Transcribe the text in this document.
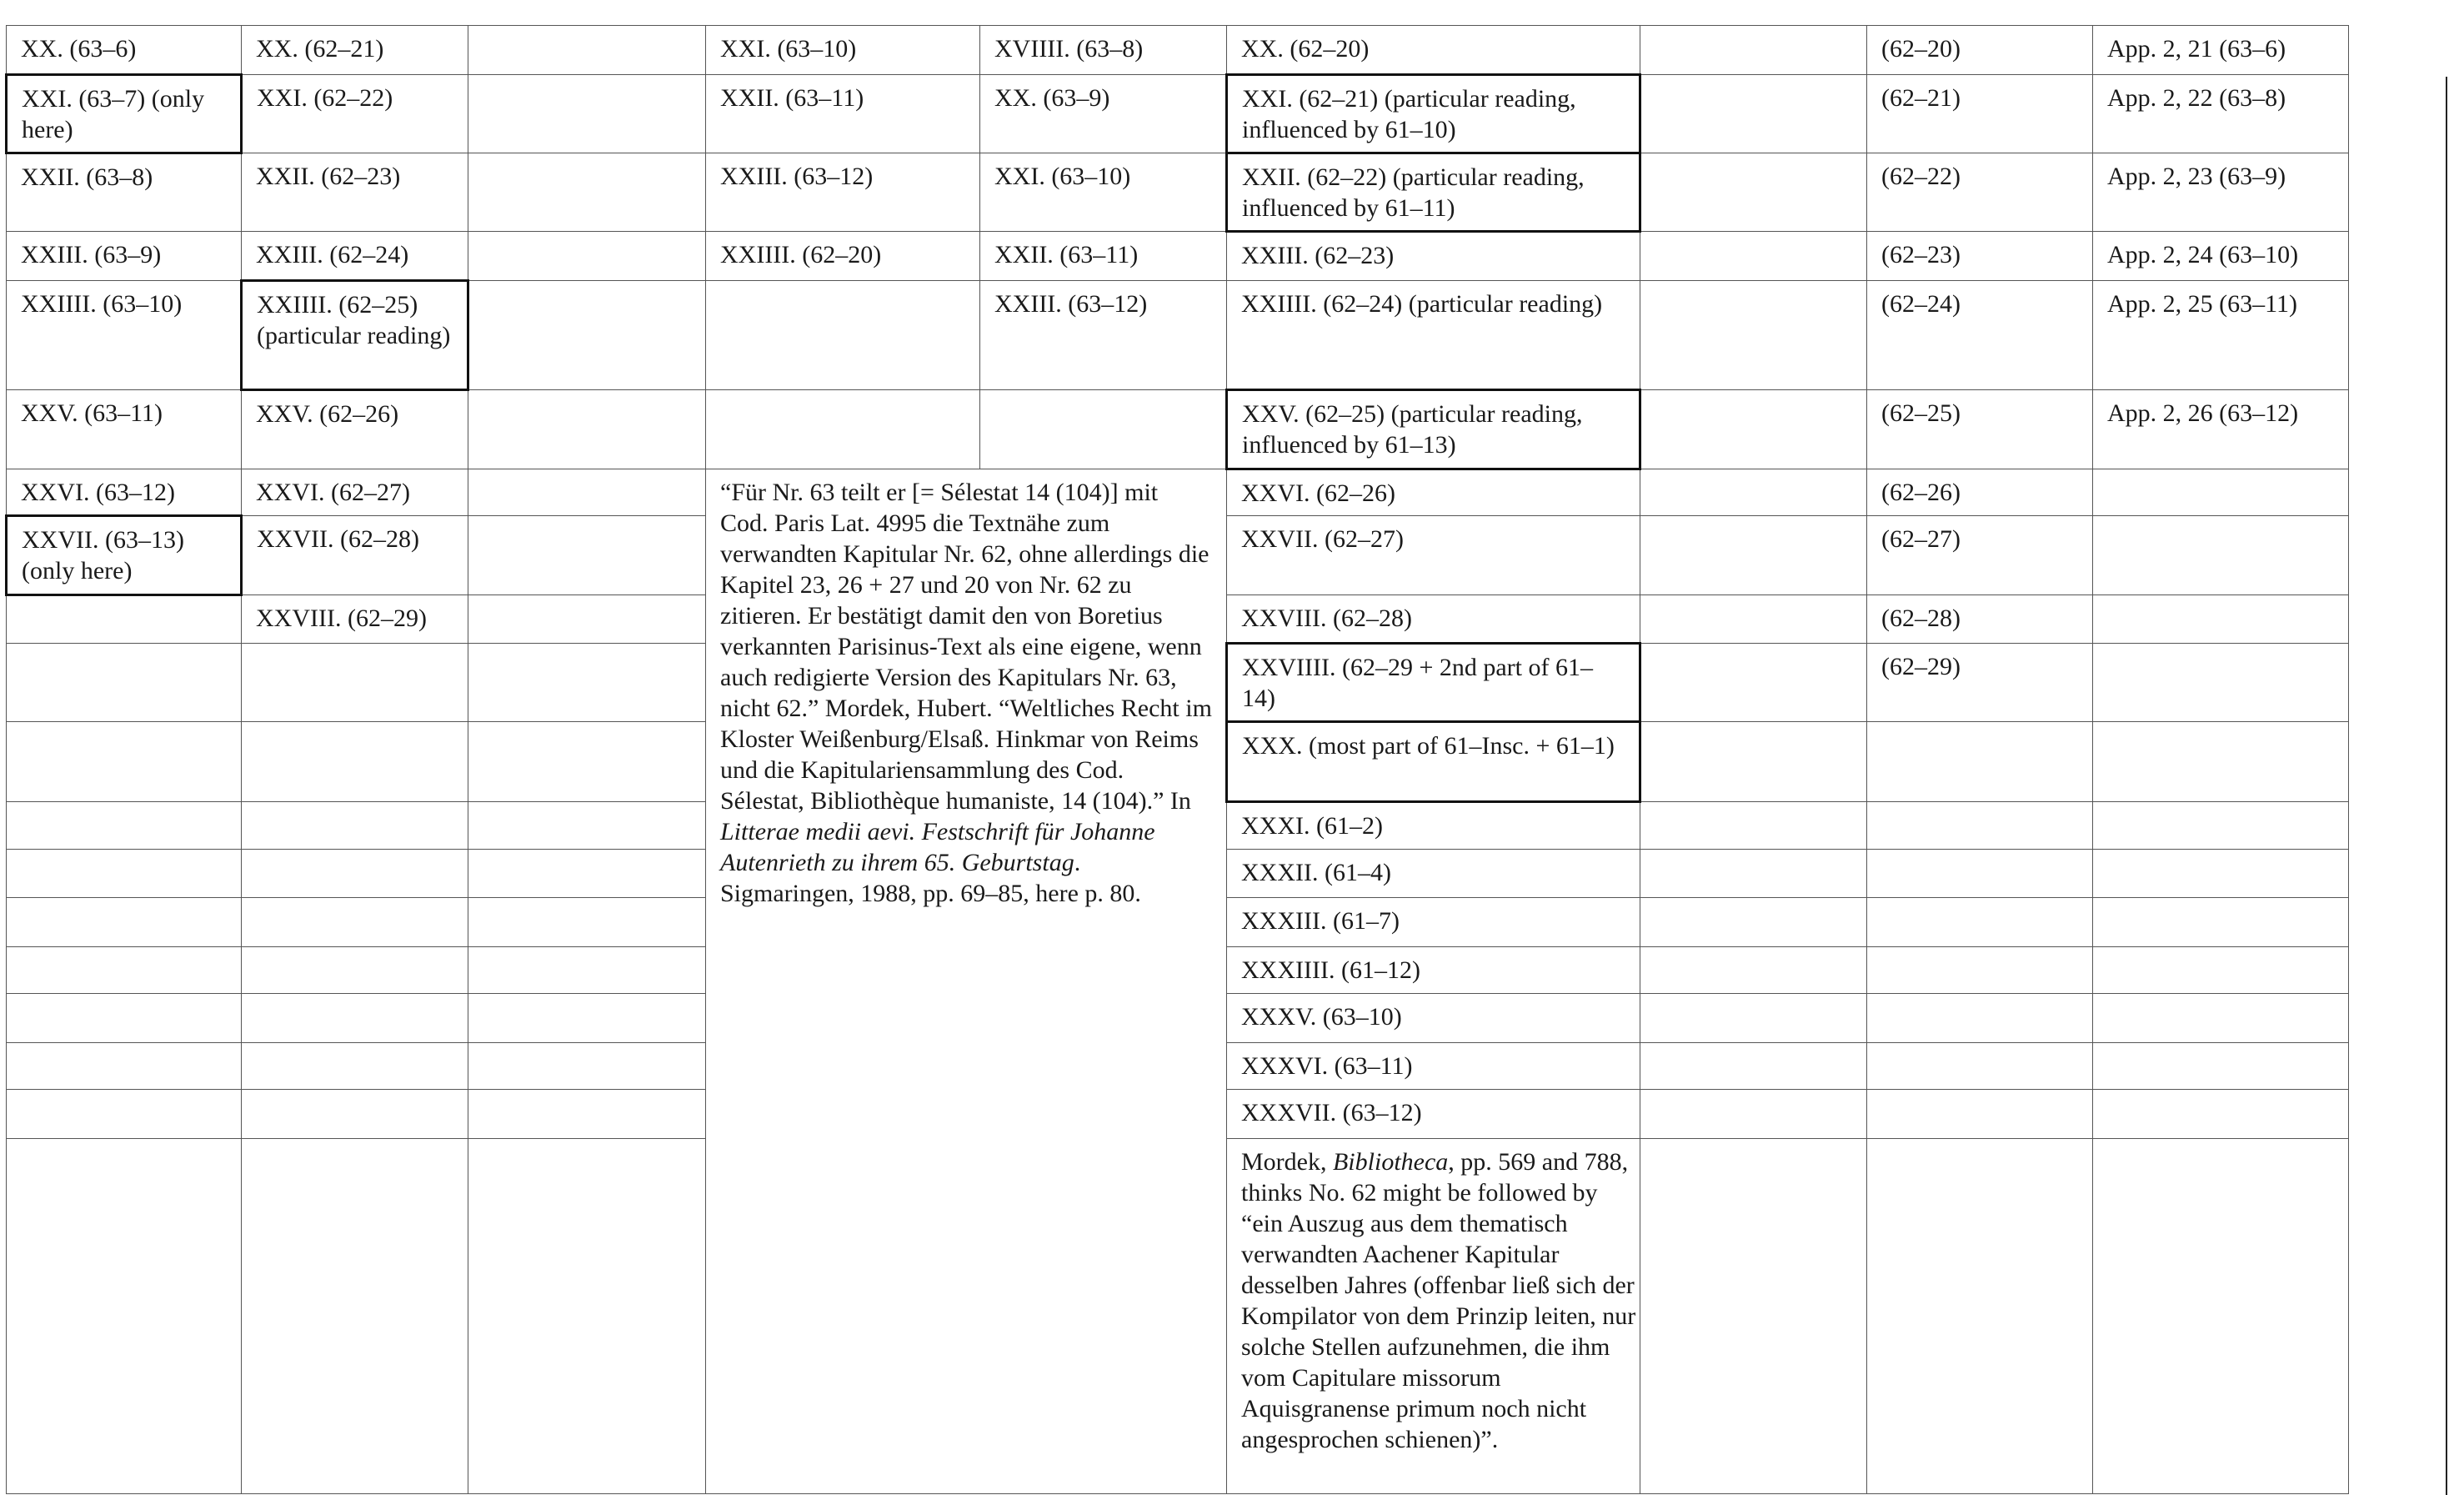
XX. (63–6)	XX. (62–21)		XXI. (63–10)	XVIIII. (63–8)	XX. (62–20)		(62–20)	App. 2, 21 (63–6)
XXI. (63–7) (only here)	XXI. (62–22)		XXII. (63–11)	XX. (63–9)	XXI. (62–21) (particular reading, influenced by 61–10)		(62–21)	App. 2, 22 (63–8)
XXII. (63–8)	XXII. (62–23)		XXIII. (63–12)	XXI. (63–10)	XXII. (62–22) (particular reading, influenced by 61–11)		(62–22)	App. 2, 23 (63–9)
XXIII. (63–9)	XXIII. (62–24)		XXIIII. (62–20)	XXII. (63–11)	XXIII. (62–23)		(62–23)	App. 2, 24 (63–10)
XXIIII. (63–10)	XXIIII. (62–25) (particular reading)			XXIII. (63–12)	XXIIII. (62–24) (particular reading)		(62–24)	App. 2, 25 (63–11)
XXV. (63–11)	XXV. (62–26)				XXV. (62–25) (particular reading, influenced by 61–13)		(62–25)	App. 2, 26 (63–12)
XXVI. (63–12)	XXVI. (62–27)		“Für Nr. 63 teilt er [= Sélestat 14 (104)] mit Cod. Paris Lat. 4995 die Textnähe zum verwandten Kapitular Nr. 62, ohne allerdings die Kapitel 23, 26 + 27 und 20 von Nr. 62 zu zitieren. Er bestätigt damit den von Boretius verkannten Parisinus-Text als eine eigene, wenn auch redigierte Version des Kapitulars Nr. 63, nicht 62.” Mordek, Hubert. “Weltliches Recht im Kloster Weißenburg/Elsaß. Hinkmar von Reims und die Kapitulariensammlung des Cod. Sélestat, Bibliothèque humaniste, 14 (104).” In Litterae medii aevi. Festschrift für Johanne Autenrieth zu ihrem 65. Geburtstag. Sigmaringen, 1988, pp. 69–85, here p. 80.		XXVI. (62–26)		(62–26)	
XXVII. (63–13) (only here)	XXVII. (62–28)				XXVII. (62–27)		(62–27)	
	XXVIII. (62–29)				XXVIII. (62–28)		(62–28)	
					XXVIIII. (62–29 + 2nd part of 61–14)		(62–29)	
					XXX. (most part of 61–Insc. + 61–1)			
					XXXI. (61–2)			
					XXXII. (61–4)			
					XXXIII. (61–7)			
					XXXIIII. (61–12)			
					XXXV. (63–10)			
					XXXVI. (63–11)			
					XXXVII. (63–12)			
					Mordek, Bibliotheca, pp. 569 and 788, thinks No. 62 might be followed by “ein Auszug aus dem thematisch verwandten Aachener Kapitular desselben Jahres (offenbar ließ sich der Kompilator von dem Prinzip leiten, nur solche Stellen aufzunehmen, die ihm vom Capitulare missorum Aquisgranense primum noch nicht angesprochen schienen)”.			
